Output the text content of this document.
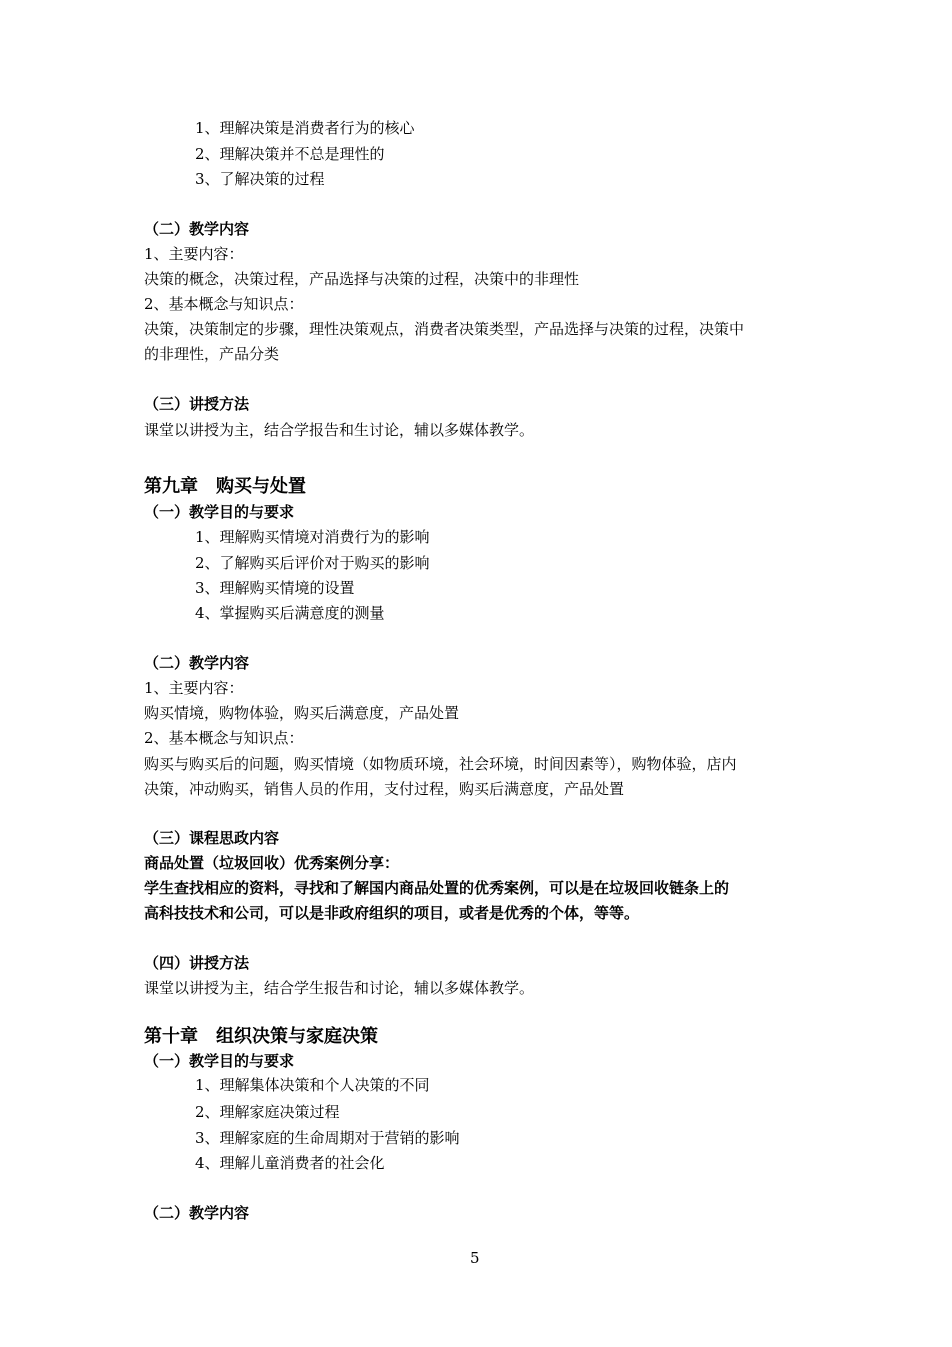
1、理解决策是消费者行为的核心
2、理解决策并不总是理性的
3、了解决策的过程
（二）教学内容
1、主要内容：
决策的概念，决策过程，产品选择与决策的过程，决策中的非理性
2、基本概念与知识点：
决策，决策制定的步骤，理性决策观点，消费者决策类型，产品选择与决策的过程，决策中
的非理性，产品分类
（三）讲授方法
课堂以讲授为主，结合学报告和生讨论，辅以多媒体教学。
第九章　购买与处置
（一）教学目的与要求
1、理解购买情境对消费行为的影响
2、了解购买后评价对于购买的影响
3、理解购买情境的设置
4、掌握购买后满意度的测量
（二）教学内容
1、主要内容：
购买情境，购物体验，购买后满意度，产品处置
2、基本概念与知识点：
购买与购买后的问题，购买情境（如物质环境，社会环境，时间因素等），购物体验，店内
决策，冲动购买，销售人员的作用，支付过程，购买后满意度，产品处置
（三）课程思政内容
商品处置（垃圾回收）优秀案例分享：
学生查找相应的资料，寻找和了解国内商品处置的优秀案例，可以是在垃圾回收链条上的
高科技技术和公司，可以是非政府组织的项目，或者是优秀的个体，等等。
（四）讲授方法
课堂以讲授为主，结合学生报告和讨论，辅以多媒体教学。
第十章　组织决策与家庭决策
（一）教学目的与要求
1、理解集体决策和个人决策的不同
2、理解家庭决策过程
3、理解家庭的生命周期对于营销的影响
4、理解儿童消费者的社会化
（二）教学内容
5
